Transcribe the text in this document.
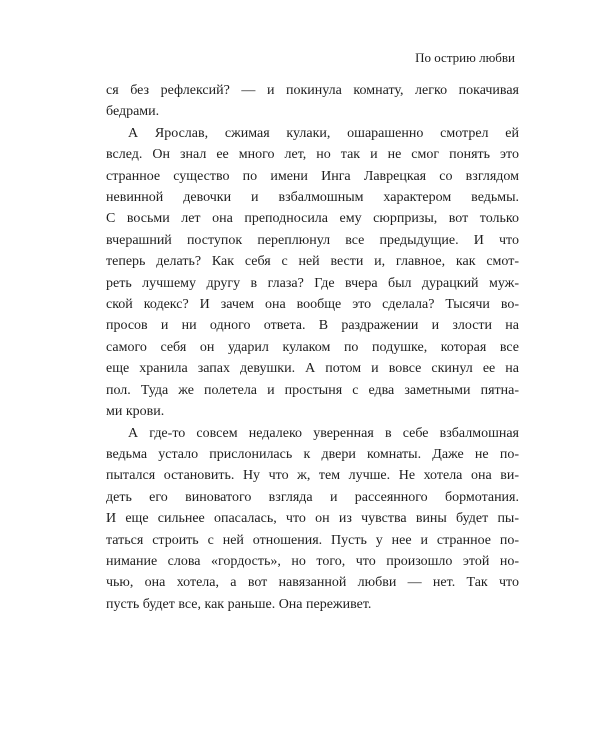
По острию любви

ся без рефлексий? — и покинула комнату, легко покачивая
бедрами.

А Ярослав, сжимая кулаки, ошарашенно смотрел ей
вслед. Он знал ее много лет, но так и не смог понять это
странное существо по имени Инга Лаврецкая со взглядом
невинной девочки и взбалмошным характером ведьмы.
С восьми лет она преподносила ему сюрпризы, вот только
вчерашний поступок переплюнул все предыдущие. И что
теперь делать? Как себя с ней вести и, главное, как смот-
реть лучшему другу в глаза? Где вчера был дурацкий муж-
ской кодекс? И зачем она вообще это сделала? Тысячи во-
просов и ни одного ответа. В раздражении и злости на
самого себя он ударил кулаком по подушке, которая все
еще хранила запах девушки. А потом и вовсе скинул ее на
пол. Туда же полетела и простыня с едва заметными пятна-
ми крови.

А где-то совсем недалеко уверенная в себе взбалмошная
ведьма устало прислонилась к двери комнаты. Даже не по-
пытался остановить. Ну что ж, тем лучше. Не хотела она ви-
деть его виноватого взгляда и рассеянного бормотания.
И еще сильнее опасалась, что он из чувства вины будет пы-
таться строить с ней отношения. Пусть у нее и странное по-
нимание слова «гордость», но того, что произошло этой но-
чью, она хотела, а вот навязанной любви — нет. Так что
пусть будет все, как раньше. Она переживет.
